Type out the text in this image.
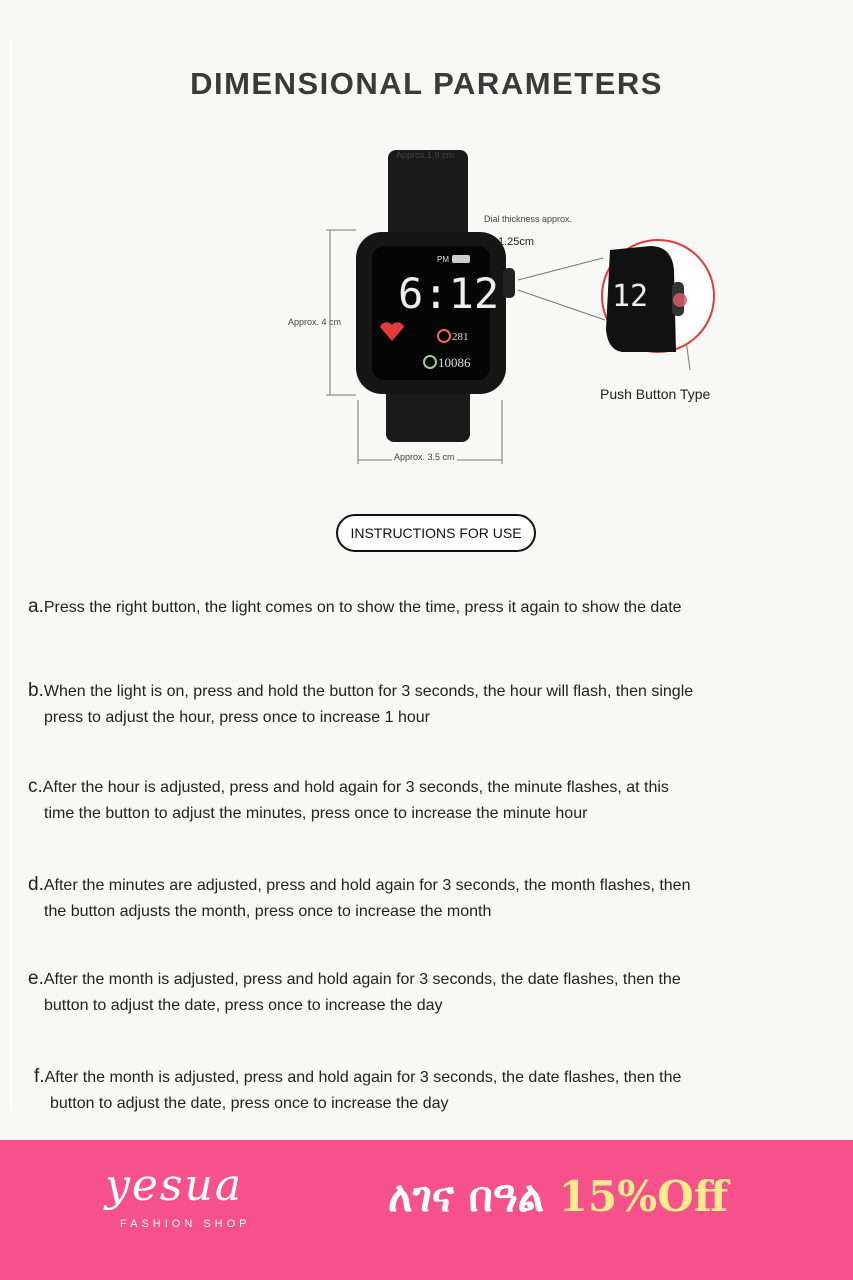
DIMENSIONAL PARAMETERS
PM
6:12
281
10086
12
Approx.1.9 cm
Dial thickness approx.
1.25cm
Approx. 4 cm
Approx. 3.5 cm
Push Button Type
INSTRUCTIONS FOR USE
a.Press the right button, the light comes on to show the time, press it again to show the date
b.When the light is on, press and hold the button for 3 seconds, the hour will flash, then single
press to adjust the hour, press once to increase 1 hour
c.After the hour is adjusted, press and hold again for 3 seconds, the minute flashes, at this
time the button to adjust the minutes, press once to increase the minute hour
d.After the minutes are adjusted, press and hold again for 3 seconds, the month flashes, then
the button adjusts the month, press once to increase the month
e.After the month is adjusted, press and hold again for 3 seconds, the date flashes, then the
button to adjust the date, press once to increase the day
f.After the month is adjusted, press and hold again for 3 seconds, the date flashes, then the
button to adjust the date, press once to increase the day
yesua
FASHION SHOP
ለገና በዓል 15%Off
